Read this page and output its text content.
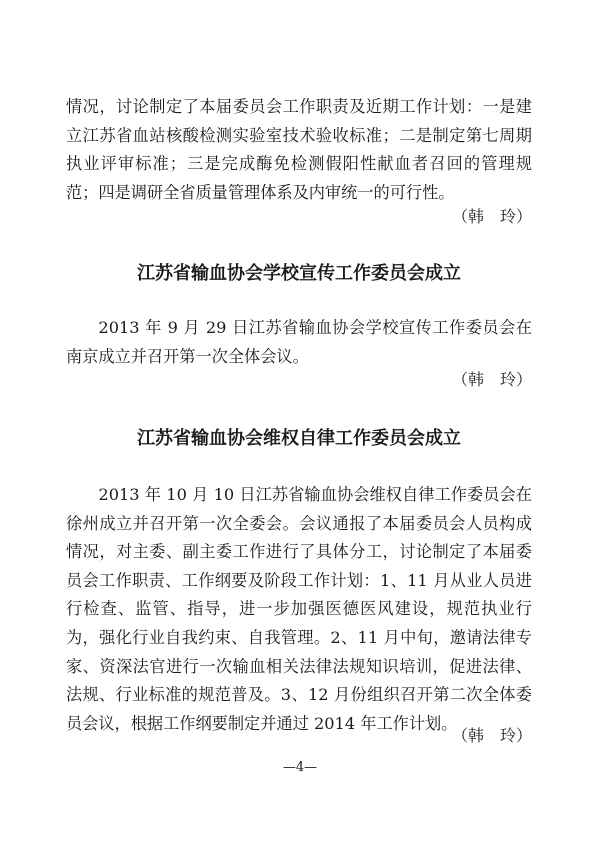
情况，讨论制定了本届委员会工作职责及近期工作计划：一是建立江苏省血站核酸检测实验室技术验收标准；二是制定第七周期执业评审标准；三是完成酶免检测假阳性献血者召回的管理规范；四是调研全省质量管理体系及内审统一的可行性。

（韩　玲）

江苏省输血协会学校宣传工作委员会成立

2013 年 9 月 29 日江苏省输血协会学校宣传工作委员会在南京成立并召开第一次全体会议。

（韩　玲）

江苏省输血协会维权自律工作委员会成立

2013 年 10 月 10 日江苏省输血协会维权自律工作委员会在徐州成立并召开第一次全委会。会议通报了本届委员会人员构成情况，对主委、副主委工作进行了具体分工，讨论制定了本届委员会工作职责、工作纲要及阶段工作计划：1、11 月从业人员进行检查、监管、指导，进一步加强医德医风建设，规范执业行为，强化行业自我约束、自我管理。2、11 月中旬，邀请法律专家、资深法官进行一次输血相关法律法规知识培训，促进法律、法规、行业标准的规范普及。3、12 月份组织召开第二次全体委员会议，根据工作纲要制定并通过 2014 年工作计划。

（韩　玲）

—4—
